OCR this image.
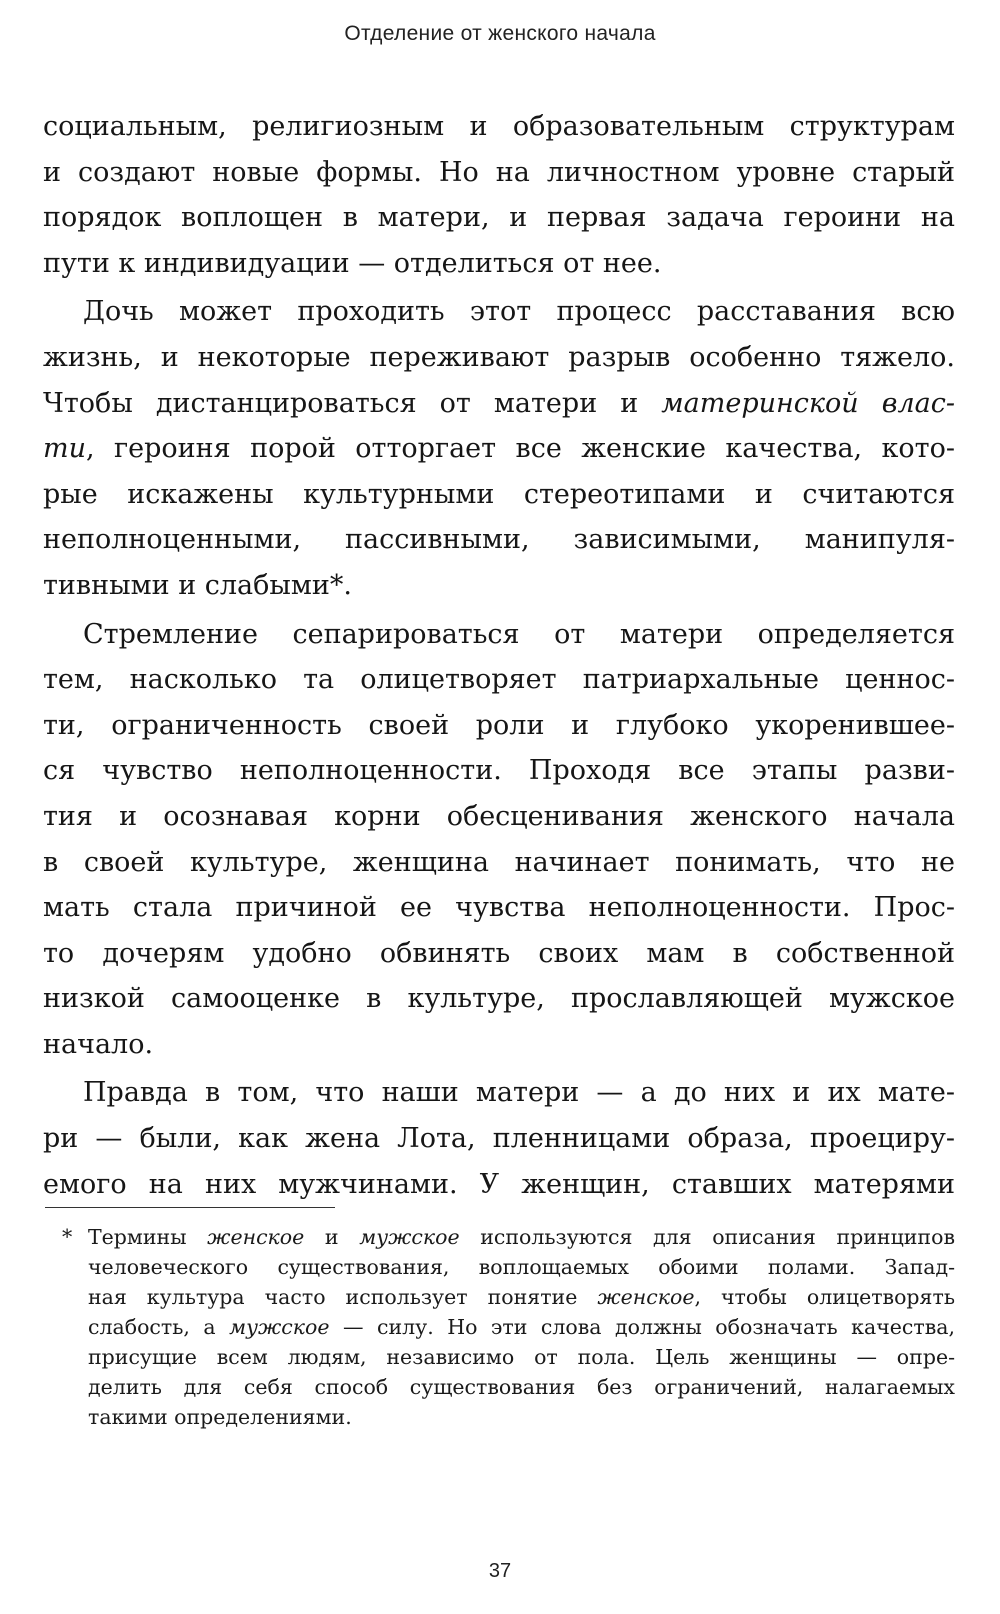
Отделение от женского начала

социальным, религиозным и образовательным структурам
и создают новые формы. Но на личностном уровне старый
порядок воплощен в матери, и первая задача героини на
пути к индивидуации — отделиться от нее.

Дочь может проходить этот процесс расставания всю
жизнь, и некоторые переживают разрыв особенно тяжело.
Чтобы дистанцироваться от матери и материнской влас-
ти, героиня порой отторгает все женские качества, кото-
рые искажены культурными стереотипами и считаются
неполноценными, пассивными, зависимыми, манипуля-
тивными и слабыми*.

Стремление сепарироваться от матери определяется
тем, насколько та олицетворяет патриархальные ценнос-
ти, ограниченность своей роли и глубоко укоренившее-
ся чувство неполноценности. Проходя все этапы разви-
тия и осознавая корни обесценивания женского начала
в своей культуре, женщина начинает понимать, что не
мать стала причиной ее чувства неполноценности. Прос-
то дочерям удобно обвинять своих мам в собственной
низкой самооценке в культуре, прославляющей мужское
начало.

Правда в том, что наши матери — а до них и их мате-
ри — были, как жена Лота, пленницами образа, проециру-
емого на них мужчинами. У женщин, ставших матерями

* Термины женское и мужское используются для описания принципов
человеческого существования, воплощаемых обоими полами. Запад-
ная культура часто использует понятие женское, чтобы олицетворять
слабость, а мужское — силу. Но эти слова должны обозначать качества,
присущие всем людям, независимо от пола. Цель женщины — опре-
делить для себя способ существования без ограничений, налагаемых
такими определениями.
37
